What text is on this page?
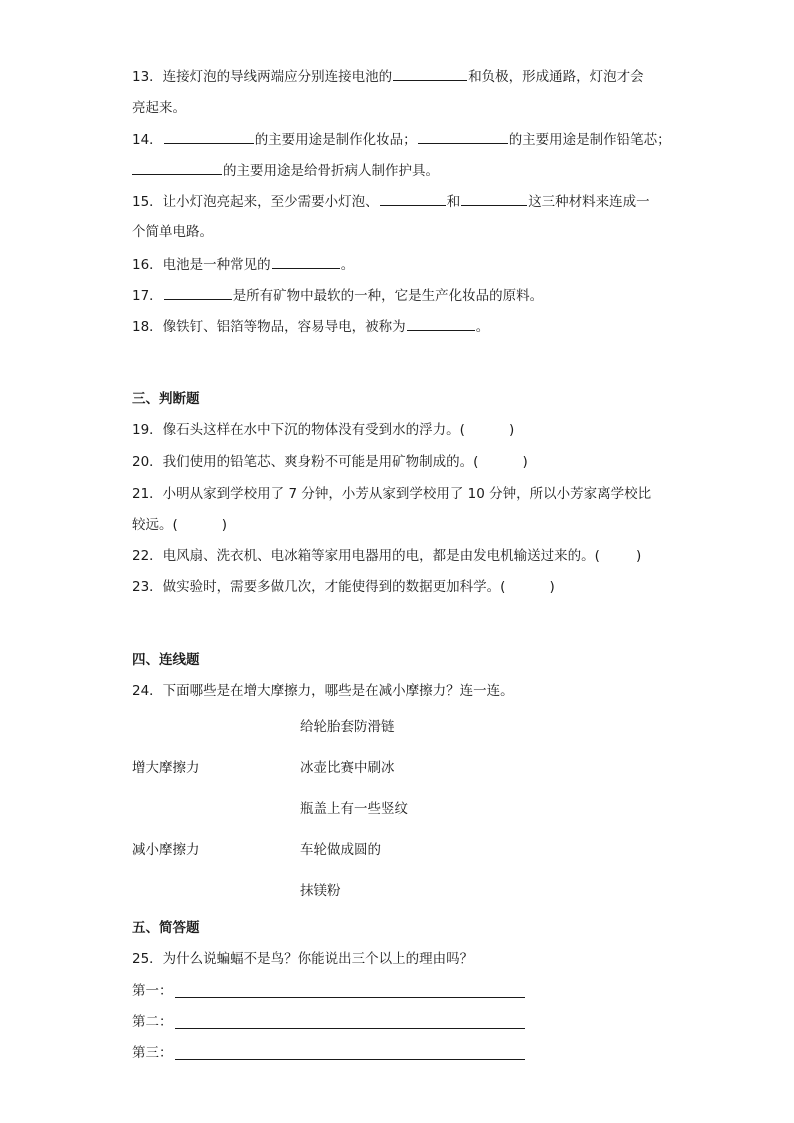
13．连接灯泡的导线两端应分别连接电池的	和负极，形成通路，灯泡才会
亮起来。
14．	的主要用途是制作化妆品；	的主要用途是制作铅笔芯；
的主要用途是给骨折病人制作护具。
15．让小灯泡亮起来，至少需要小灯泡、	和	这三种材料来连成一
个简单电路。
16．电池是一种常见的	。
17．	是所有矿物中最软的一种，它是生产化妆品的原料。
18．像铁钉、铝箔等物品，容易导电，被称为	。
三、判断题
19．像石头这样在水中下沉的物体没有受到水的浮力。(	)
20．我们使用的铅笔芯、爽身粉不可能是用矿物制成的。(	)
21．小明从家到学校用了 7 分钟，小芳从家到学校用了 10 分钟，所以小芳家离学校比
较远。(	)
22．电风扇、洗衣机、电冰箱等家用电器用的电，都是由发电机输送过来的。(	)
23．做实验时，需要多做几次，才能使得到的数据更加科学。(	)
四、连线题
24．下面哪些是在增大摩擦力，哪些是在减小摩擦力？连一连。
给轮胎套防滑链
增大摩擦力	冰壶比赛中刷冰
瓶盖上有一些竖纹
减小摩擦力	车轮做成圆的
抹镁粉
五、简答题
25．为什么说蝙蝠不是鸟？你能说出三个以上的理由吗？
第一：
第二：
第三：
